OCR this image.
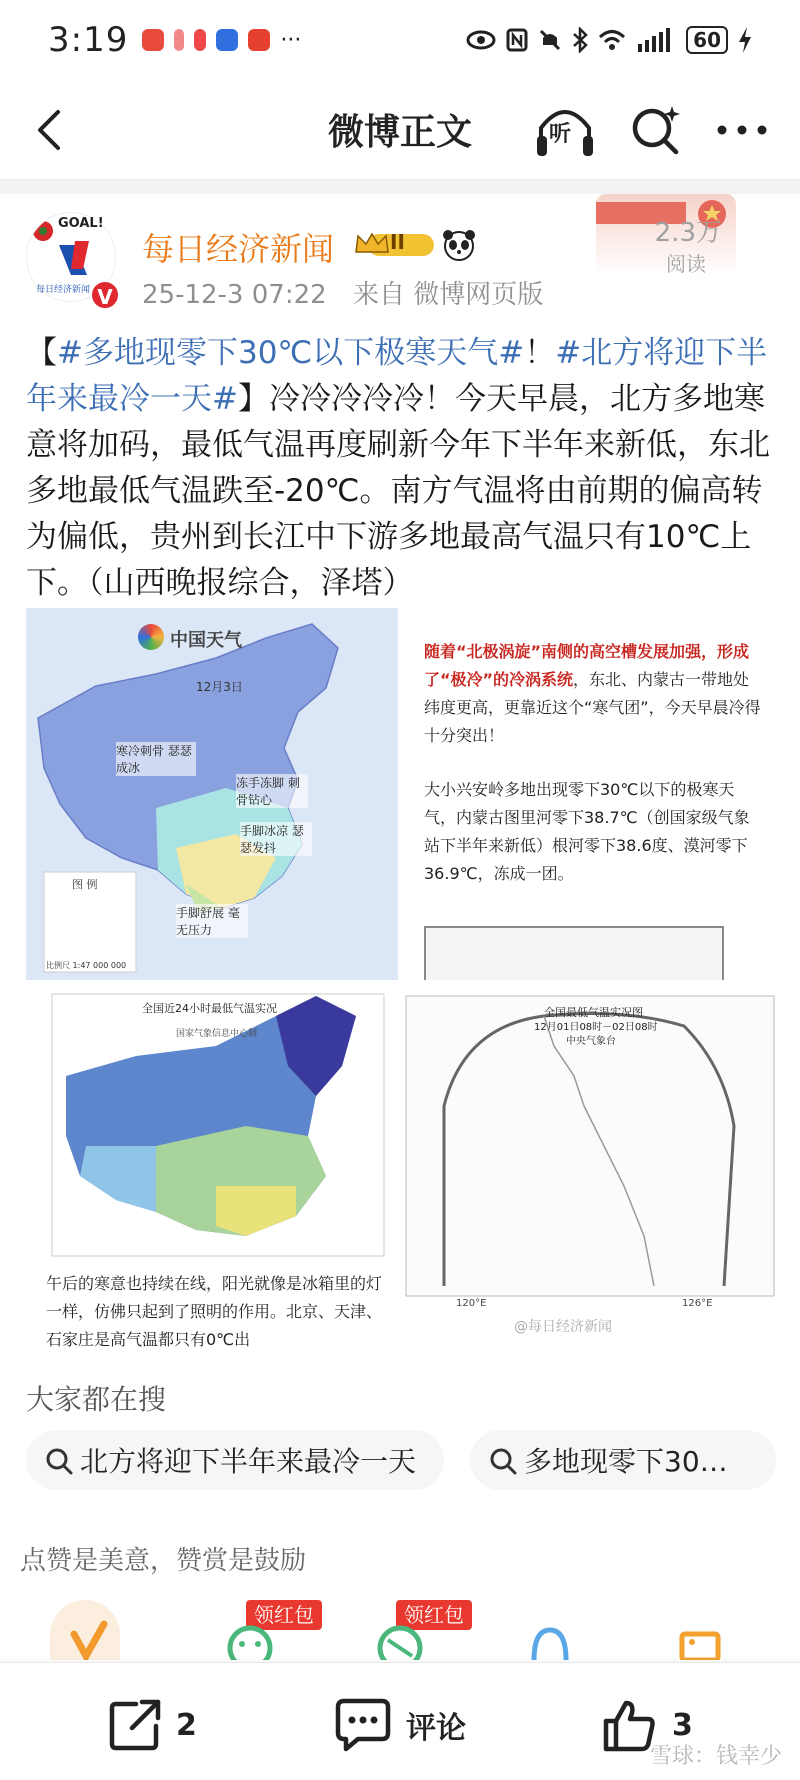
3:19	···	60
微博正文	听
GOAL!
每日经济新闻 V
每日经济新闻	II
25-12-3 07:22 来自 微博网页版
2.3万
阅读
【#多地现零下30℃以下极寒天气#！#北方将迎下半年来最冷一天#】冷冷冷冷冷！今天早晨，北方多地寒意将加码，最低气温再度刷新今年下半年来新低，东北多地最低气温跌至-20℃。南方气温将由前期的偏高转为偏低，贵州到长江中下游多地最高气温只有10℃上下。（山西晚报综合，泽塔）
中国天气
12月3日
寒冷刺骨 瑟瑟成冰
冻手冻脚 刺骨钻心
手脚冰凉 瑟瑟发抖
手脚舒展 毫无压力
图 例
比例尺 1:47 000 000
随着“北极涡旋”南侧的高空槽发展加强，形成了“极冷”的冷涡系统，东北、内蒙古一带地处纬度更高，更靠近这个“寒气团”，今天早晨冷得十分突出！
大小兴安岭多地出现零下30℃以下的极寒天气，内蒙古图里河零下38.7℃（创国家级气象站下半年来新低）根河零下38.6度、漠河零下36.9℃，冻成一团。
全国近24小时最低气温实况
国家气象信息中心制
午后的寒意也持续在线，阳光就像是冰箱里的灯一样，仿佛只起到了照明的作用。北京、天津、石家庄是高气温都只有0℃出
全国最低气温实况图
12月01日08时－02日08时
中央气象台
120°E	126°E
@每日经济新闻
大家都在搜
北方将迎下半年来最冷一天	多地现零下30…
点赞是美意，赞赏是鼓励
领红包	领红包
2	评论	3
雪球：钱幸少
